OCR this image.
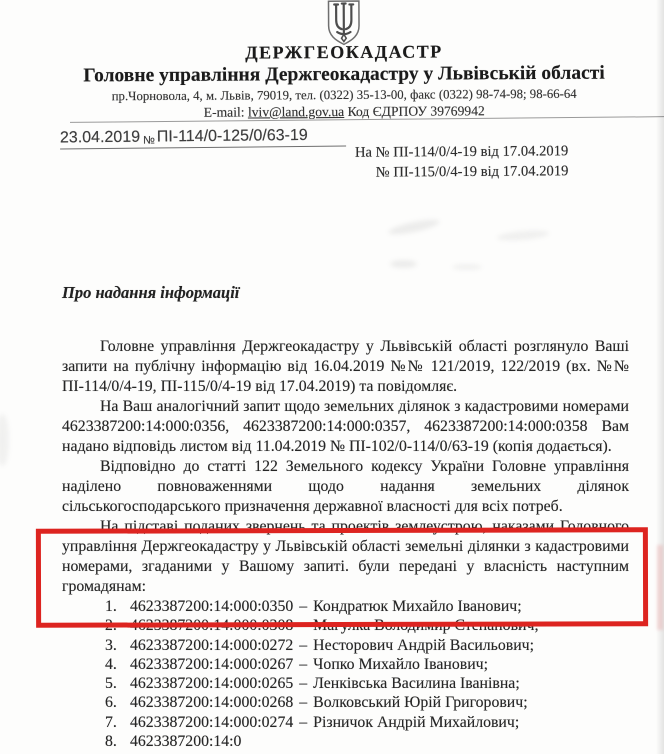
ДЕРЖГЕОКАДАСТР
Головне управління Держгеокадастру у Львівській області
пр.Чорновола, 4, м. Львів, 79019, тел. (0322) 35-13-00, факс (0322) 98-74-98; 98-66-64
E-mail: lviv@land.gov.ua Код ЄДРПОУ 39769942
23.04.2019 № ПІ-114/0-125/0/63-19
На № ПІ-114/0/4-19 від 17.04.2019
№ ПІ-115/0/4-19 від 17.04.2019
Про надання інформації

Головне управління Держгеокадастру у Львівській області розглянуло Ваші запити на публічну інформацію від 16.04.2019 №№ 121/2019, 122/2019 (вх. №№ ПІ-114/0/4-19, ПІ-115/0/4-19 від 17.04.2019) та повідомляє.

На Ваш аналогічний запит щодо земельних ділянок з кадастровими номерами 4623387200:14:000:0356, 4623387200:14:000:0357, 4623387200:14:000:0358 Вам надано відповідь листом від 11.04.2019 № ПІ-102/0-114/0/63-19 (копія додається).

Відповідно до статті 122 Земельного кодексу України Головне управління наділено повноваженнями щодо надання земельних ділянок сільськогосподарського призначення державної власності для всіх потреб.

На підставі поданих звернень та проектів землеустрою, наказами Головного управління Держгеокадастру у Львівській області земельні ділянки з кадастровими номерами, згаданими у Вашому запиті. були передані у власність наступним громадянам:

1. 4623387200:14:000:0350 – Кондратюк Михайло Іванович;
2. 4623387200:14:000:0308 – Магулка Володимир Степанович;
3. 4623387200:14:000:0272 – Несторович Андрій Васильович;
4. 4623387200:14:000:0267 – Чопко Михайло Іванович;
5. 4623387200:14:000:0265 – Ленківська Василина Іванівна;
6. 4623387200:14:000:0268 – Волковський Юрій Григорович;
7. 4623387200:14:000:0274 – Різничок Андрій Михайлович;
8. 4623387200:14:0
